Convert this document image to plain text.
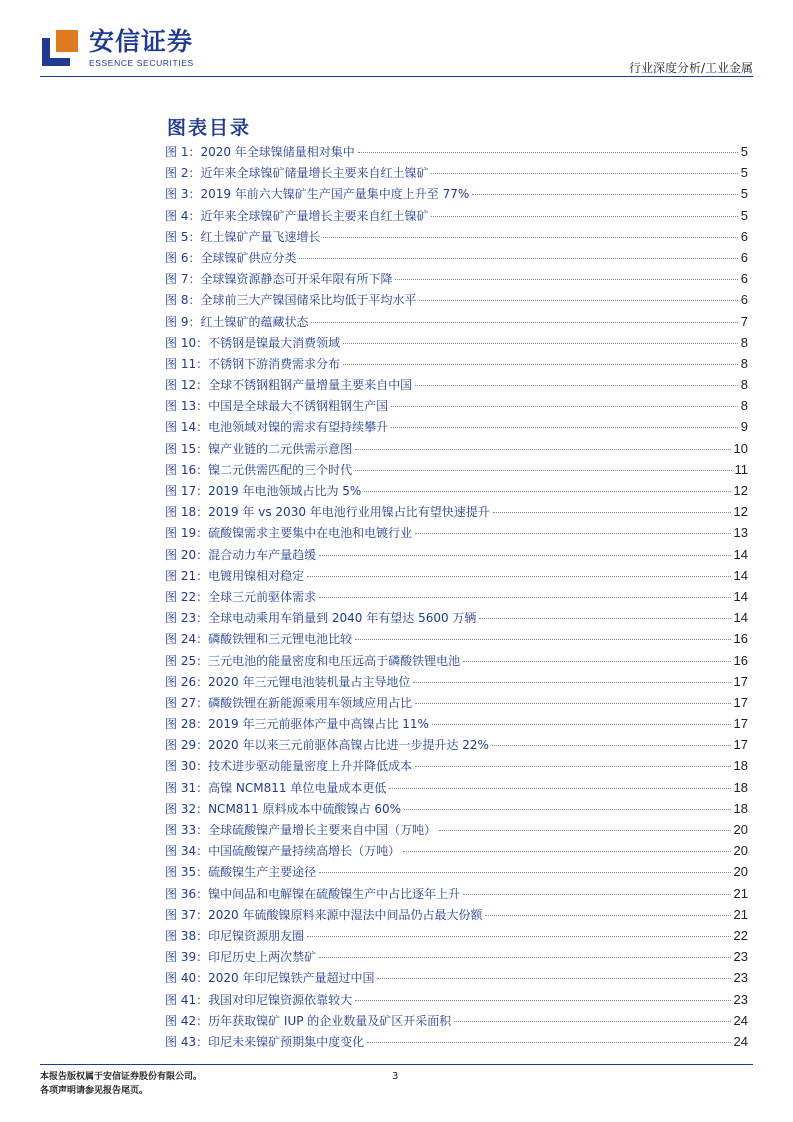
安信证券
ESSENCE SECURITIES	行业深度分析/工业金属
图表目录
图 1：2020 年全球镍储量相对集中	5
图 2：近年来全球镍矿储量增长主要来自红土镍矿	5
图 3：2019 年前六大镍矿生产国产量集中度上升至 77%	5
图 4：近年来全球镍矿产量增长主要来自红土镍矿	5
图 5：红土镍矿产量飞速增长	6
图 6：全球镍矿供应分类	6
图 7：全球镍资源静态可开采年限有所下降	6
图 8：全球前三大产镍国储采比均低于平均水平	6
图 9：红土镍矿的蕴藏状态	7
图 10：不锈钢是镍最大消费领域	8
图 11：不锈钢下游消费需求分布	8
图 12：全球不锈钢粗钢产量增量主要来自中国	8
图 13：中国是全球最大不锈钢粗钢生产国	8
图 14：电池领域对镍的需求有望持续攀升	9
图 15：镍产业链的二元供需示意图	10
图 16：镍二元供需匹配的三个时代	11
图 17：2019 年电池领域占比为 5%	12
图 18：2019 年 vs 2030 年电池行业用镍占比有望快速提升	12
图 19：硫酸镍需求主要集中在电池和电镀行业	13
图 20：混合动力车产量趋缓	14
图 21：电镀用镍相对稳定	14
图 22：全球三元前驱体需求	14
图 23：全球电动乘用车销量到 2040 年有望达 5600 万辆	14
图 24：磷酸铁锂和三元锂电池比较	16
图 25：三元电池的能量密度和电压远高于磷酸铁锂电池	16
图 26：2020 年三元锂电池装机量占主导地位	17
图 27：磷酸铁锂在新能源乘用车领域应用占比	17
图 28：2019 年三元前驱体产量中高镍占比 11%	17
图 29：2020 年以来三元前驱体高镍占比进一步提升达 22%	17
图 30：技术进步驱动能量密度上升并降低成本	18
图 31：高镍 NCM811 单位电量成本更低	18
图 32：NCM811 原料成本中硫酸镍占 60%	18
图 33：全球硫酸镍产量增长主要来自中国（万吨）	20
图 34：中国硫酸镍产量持续高增长（万吨）	20
图 35：硫酸镍生产主要途径	20
图 36：镍中间品和电解镍在硫酸镍生产中占比逐年上升	21
图 37：2020 年硫酸镍原料来源中湿法中间品仍占最大份额	21
图 38：印尼镍资源朋友圈	22
图 39：印尼历史上两次禁矿	23
图 40：2020 年印尼镍铁产量超过中国	23
图 41：我国对印尼镍资源依靠较大	23
图 42：历年获取镍矿 IUP 的企业数量及矿区开采面积	24
图 43：印尼未来镍矿预期集中度变化	24
本报告版权属于安信证券股份有限公司。
各项声明请参见报告尾页。
3
